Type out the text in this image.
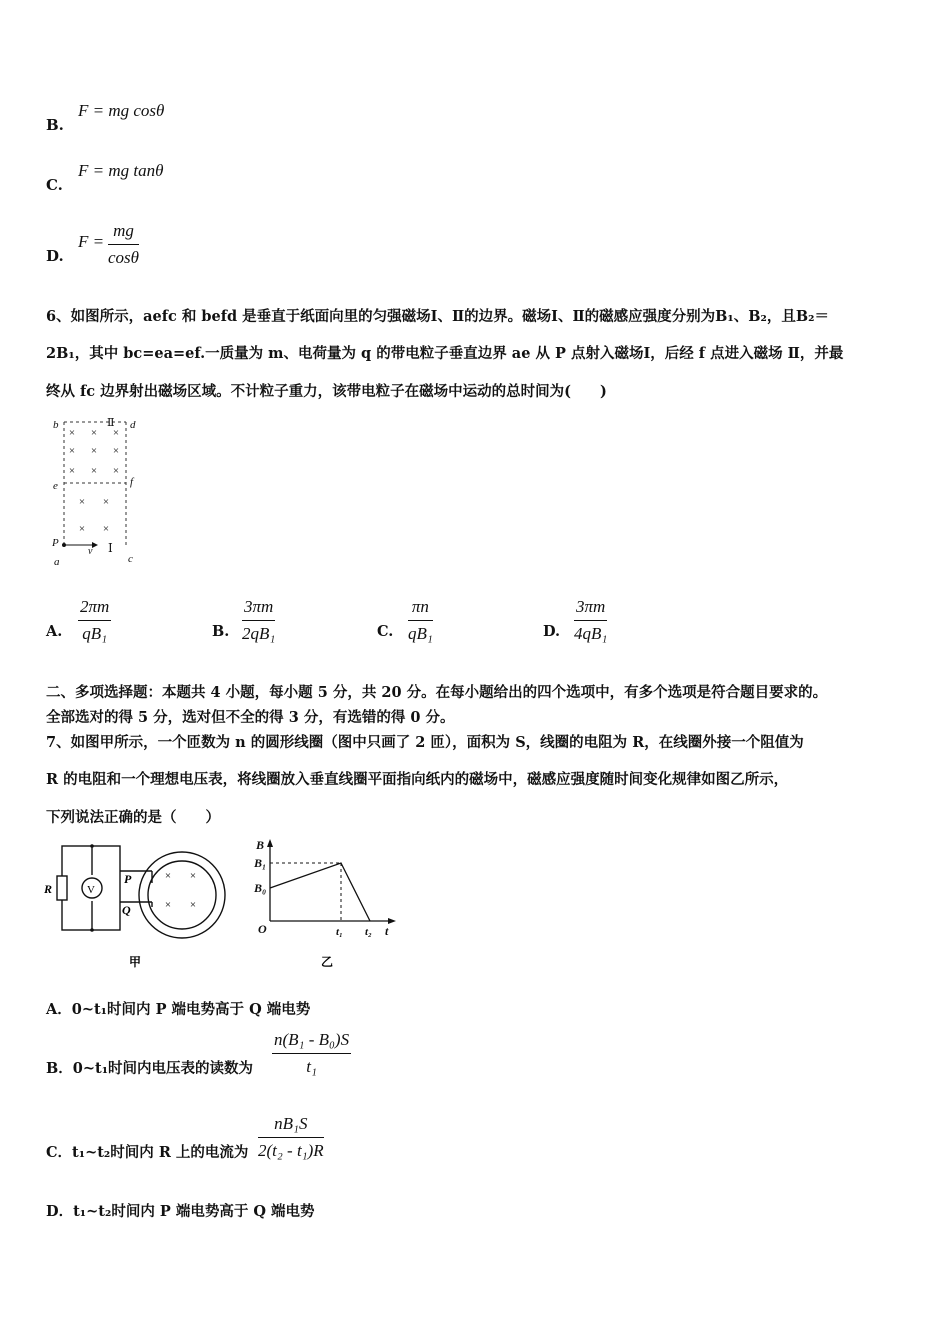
B.
F = mg cosθ
C.
F = mg tanθ
D.
$F = \frac{mg}{\cos\theta}$
6、如图所示，aefc 和 befd 是垂直于纸面向里的匀强磁场Ⅰ、Ⅱ的边界。磁场Ⅰ、Ⅱ的磁感应强度分别为B₁、B₂，且B₂＝
2B₁，其中 bc=ea=ef.一质量为 m、电荷量为 q 的带电粒子垂直边界 ae 从 P 点射入磁场Ⅰ，后经 f 点进入磁场 Ⅱ，并最
终从 fc 边界射出磁场区域。不计粒子重力，该带电粒子在磁场中运动的总时间为(　　)
b	d
e	f
a	c
P
v
Ⅱ
Ⅰ
× × ×
× × ×
× × ×
× ×
× ×
A. $\frac{2\pi m}{\text{qB₁}}$	B. $\frac{3\pi m}{\text{2qB₁}}$	C. $\frac{\pi n}{\text{qB₁}}$	D. $\frac{3\pi m}{\text{4qB₁}}$
二、多项选择题：本题共 4 小题，每小题 5 分，共 20 分。在每小题给出的四个选项中，有多个选项是符合题目要求的。
全部选对的得 5 分，选对但不全的得 3 分，有选错的得 0 分。
7、如图甲所示，一个匝数为 n 的圆形线圈（图中只画了 2 匝），面积为 S，线圈的电阻为 R，在线圈外接一个阻值为
R 的电阻和一个理想电压表，将线圈放入垂直线圈平面指向纸内的磁场中，磁感应强度随时间变化规律如图乙所示，
下列说法正确的是（　　）
R	V
P
Q
× ×
× ×
甲
B
B₁
B₀
O	t₁ t₂ t
乙
A．0~t₁时间内 P 端电势高于 Q 端电势
B．0~t₁时间内电压表的读数为 $\frac{\text{n(B₁ - B₀)S}}{\text{t₁}}$
C．t₁~t₂时间内 R 上的电流为 $\frac{\text{nB₁S}}{\text{2(t₂ - t₁)R}}$
D．t₁~t₂时间内 P 端电势高于 Q 端电势
